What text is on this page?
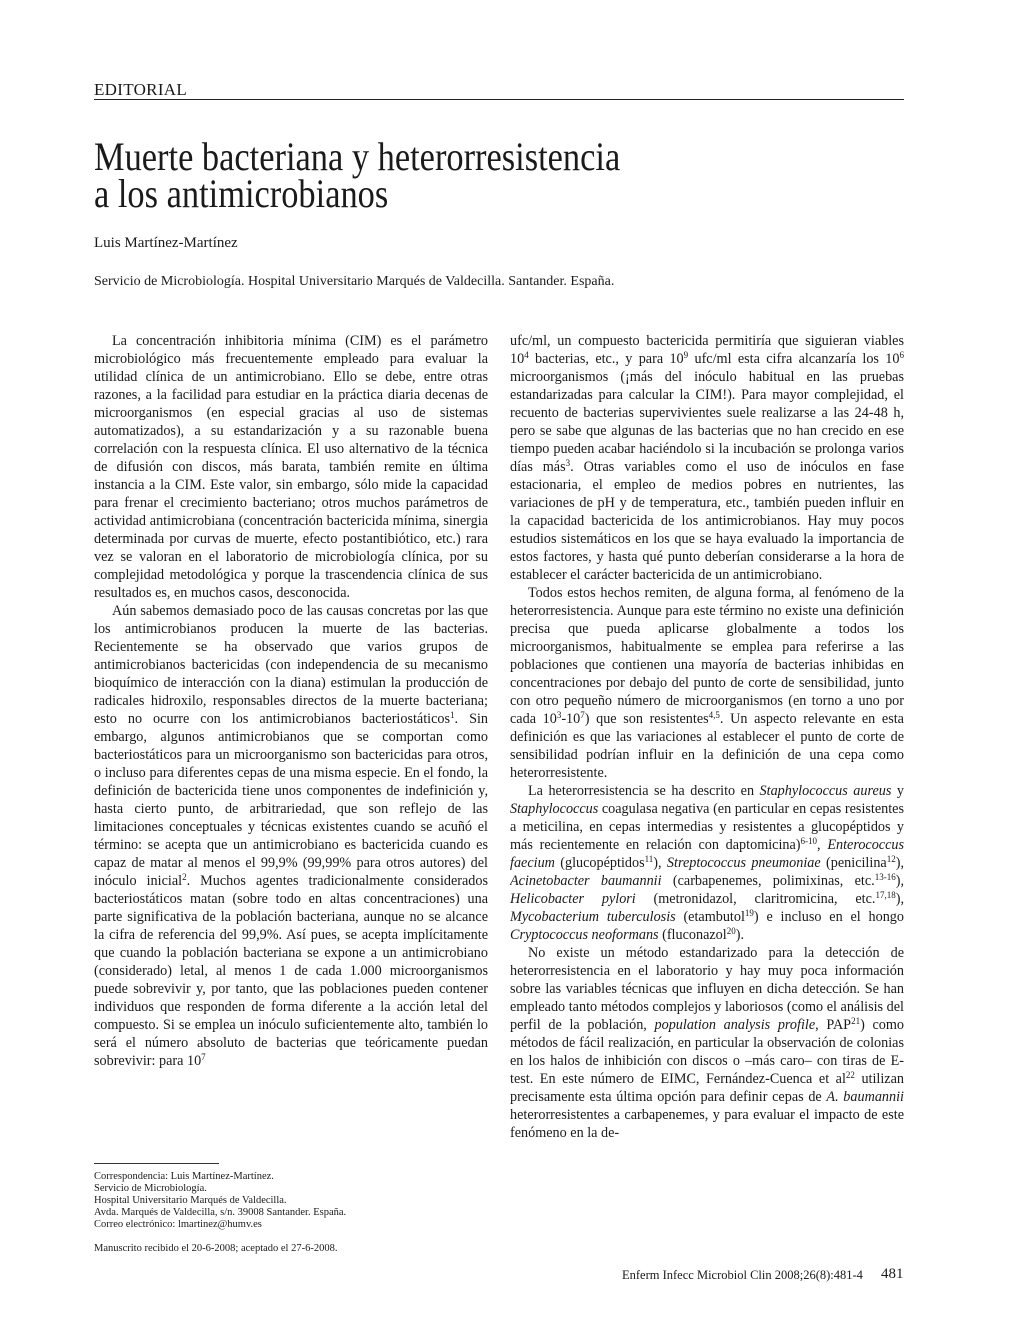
EDITORIAL
Muerte bacteriana y heterorresistencia
a los antimicrobianos
Luis Martínez-Martínez
Servicio de Microbiología. Hospital Universitario Marqués de Valdecilla. Santander. España.

La concentración inhibitoria mínima (CIM) es el parámetro microbiológico más frecuentemente empleado para evaluar la utilidad clínica de un antimicrobiano. Ello se debe, entre otras razones, a la facilidad para estudiar en la práctica diaria decenas de microorganismos (en especial gracias al uso de sistemas automatizados), a su estandarización y a su razonable buena correlación con la respuesta clínica. El uso alternativo de la técnica de difusión con discos, más barata, también remite en última instancia a la CIM. Este valor, sin embargo, sólo mide la capacidad para frenar el crecimiento bacteriano; otros muchos parámetros de actividad antimicrobiana (concentración bactericida mínima, sinergia determinada por curvas de muerte, efecto postantibiótico, etc.) rara vez se valoran en el laboratorio de microbiología clínica, por su complejidad metodológica y porque la trascendencia clínica de sus resultados es, en muchos casos, desconocida.

Aún sabemos demasiado poco de las causas concretas por las que los antimicrobianos producen la muerte de las bacterias. Recientemente se ha observado que varios grupos de antimicrobianos bactericidas (con independencia de su mecanismo bioquímico de interacción con la diana) estimulan la producción de radicales hidroxilo, responsables directos de la muerte bacteriana; esto no ocurre con los antimicrobianos bacteriostáticos$^1$. Sin embargo, algunos antimicrobianos que se comportan como bacteriostáticos para un microorganismo son bactericidas para otros, o incluso para diferentes cepas de una misma especie. En el fondo, la definición de bactericida tiene unos componentes de indefinición y, hasta cierto punto, de arbitrariedad, que son reflejo de las limitaciones conceptuales y técnicas existentes cuando se acuñó el término: se acepta que un antimicrobiano es bactericida cuando es capaz de matar al menos el 99,9% (99,99% para otros autores) del inóculo inicial$^2$. Muchos agentes tradicionalmente considerados bacteriostáticos matan (sobre todo en altas concentraciones) una parte significativa de la población bacteriana, aunque no se alcance la cifra de referencia del 99,9%. Así pues, se acepta implícitamente que cuando la población bacteriana se expone a un antimicrobiano (considerado) letal, al menos 1 de cada 1.000 microorganismos puede sobrevivir y, por tanto, que las poblaciones pueden contener individuos que responden de forma diferente a la acción letal del compuesto. Si se emplea un inóculo suficientemente alto, también lo será el número absoluto de bacterias que teóricamente puedan sobrevivir: para $10^7$

ufc/ml, un compuesto bactericida permitiría que siguieran viables $10^4$ bacterias, etc., y para $10^9$ ufc/ml esta cifra alcanzaría los $10^6$ microorganismos (¡más del inóculo habitual en las pruebas estandarizadas para calcular la CIM!). Para mayor complejidad, el recuento de bacterias supervivientes suele realizarse a las 24-48 h, pero se sabe que algunas de las bacterias que no han crecido en ese tiempo pueden acabar haciéndolo si la incubación se prolonga varios días más$^3$. Otras variables como el uso de inóculos en fase estacionaria, el empleo de medios pobres en nutrientes, las variaciones de pH y de temperatura, etc., también pueden influir en la capacidad bactericida de los antimicrobianos. Hay muy pocos estudios sistemáticos en los que se haya evaluado la importancia de estos factores, y hasta qué punto deberían considerarse a la hora de establecer el carácter bactericida de un antimicrobiano.

Todos estos hechos remiten, de alguna forma, al fenómeno de la heterorresistencia. Aunque para este término no existe una definición precisa que pueda aplicarse globalmente a todos los microorganismos, habitualmente se emplea para referirse a las poblaciones que contienen una mayoría de bacterias inhibidas en concentraciones por debajo del punto de corte de sensibilidad, junto con otro pequeño número de microorganismos (en torno a uno por cada $10^3-10^7$) que son resistentes$^{4,5}$. Un aspecto relevante en esta definición es que las variaciones al establecer el punto de corte de sensibilidad podrían influir en la definición de una cepa como heterorresistente.

La heterorresistencia se ha descrito en Staphylococcus aureus y Staphylococcus coagulasa negativa (en particular en cepas resistentes a meticilina, en cepas intermedias y resistentes a glucopéptidos y más recientemente en relación con daptomicina)$^{6-10}$, Enterococcus faecium (glucopéptidos$^{11}$), Streptococcus pneumoniae (penicilina$^{12}$), Acinetobacter baumannii (carbapenemes, polimixinas, etc.$^{13-16}$), Helicobacter pylori (metronidazol, claritromicina, etc.$^{17,18}$), Mycobacterium tuberculosis (etambutol$^{19}$) e incluso en el hongo Cryptococcus neoformans (fluconazol$^{20}$).

No existe un método estandarizado para la detección de heterorresistencia en el laboratorio y hay muy poca información sobre las variables técnicas que influyen en dicha detección. Se han empleado tanto métodos complejos y laboriosos (como el análisis del perfil de la población, population analysis profile, PAP$^{21}$) como métodos de fácil realización, en particular la observación de colonias en los halos de inhibición con discos o –más caro– con tiras de E-test. En este número de EIMC, Fernández-Cuenca et $al^{22}$ utilizan precisamente esta última opción para definir cepas de A. baumannii heterorresistentes a carbapenemes, y para evaluar el impacto de este fenómeno en la de-

Correspondencia: Luis Martínez-Martínez.
Servicio de Microbiología.
Hospital Universitario Marqués de Valdecilla.
Avda. Marqués de Valdecilla, s/n. 39008 Santander. España.
Correo electrónico: lmartinez@humv.es
Manuscrito recibido el 20-6-2008; aceptado el 27-6-2008.
Enferm Infecc Microbiol Clin 2008;26(8):481-4 481
